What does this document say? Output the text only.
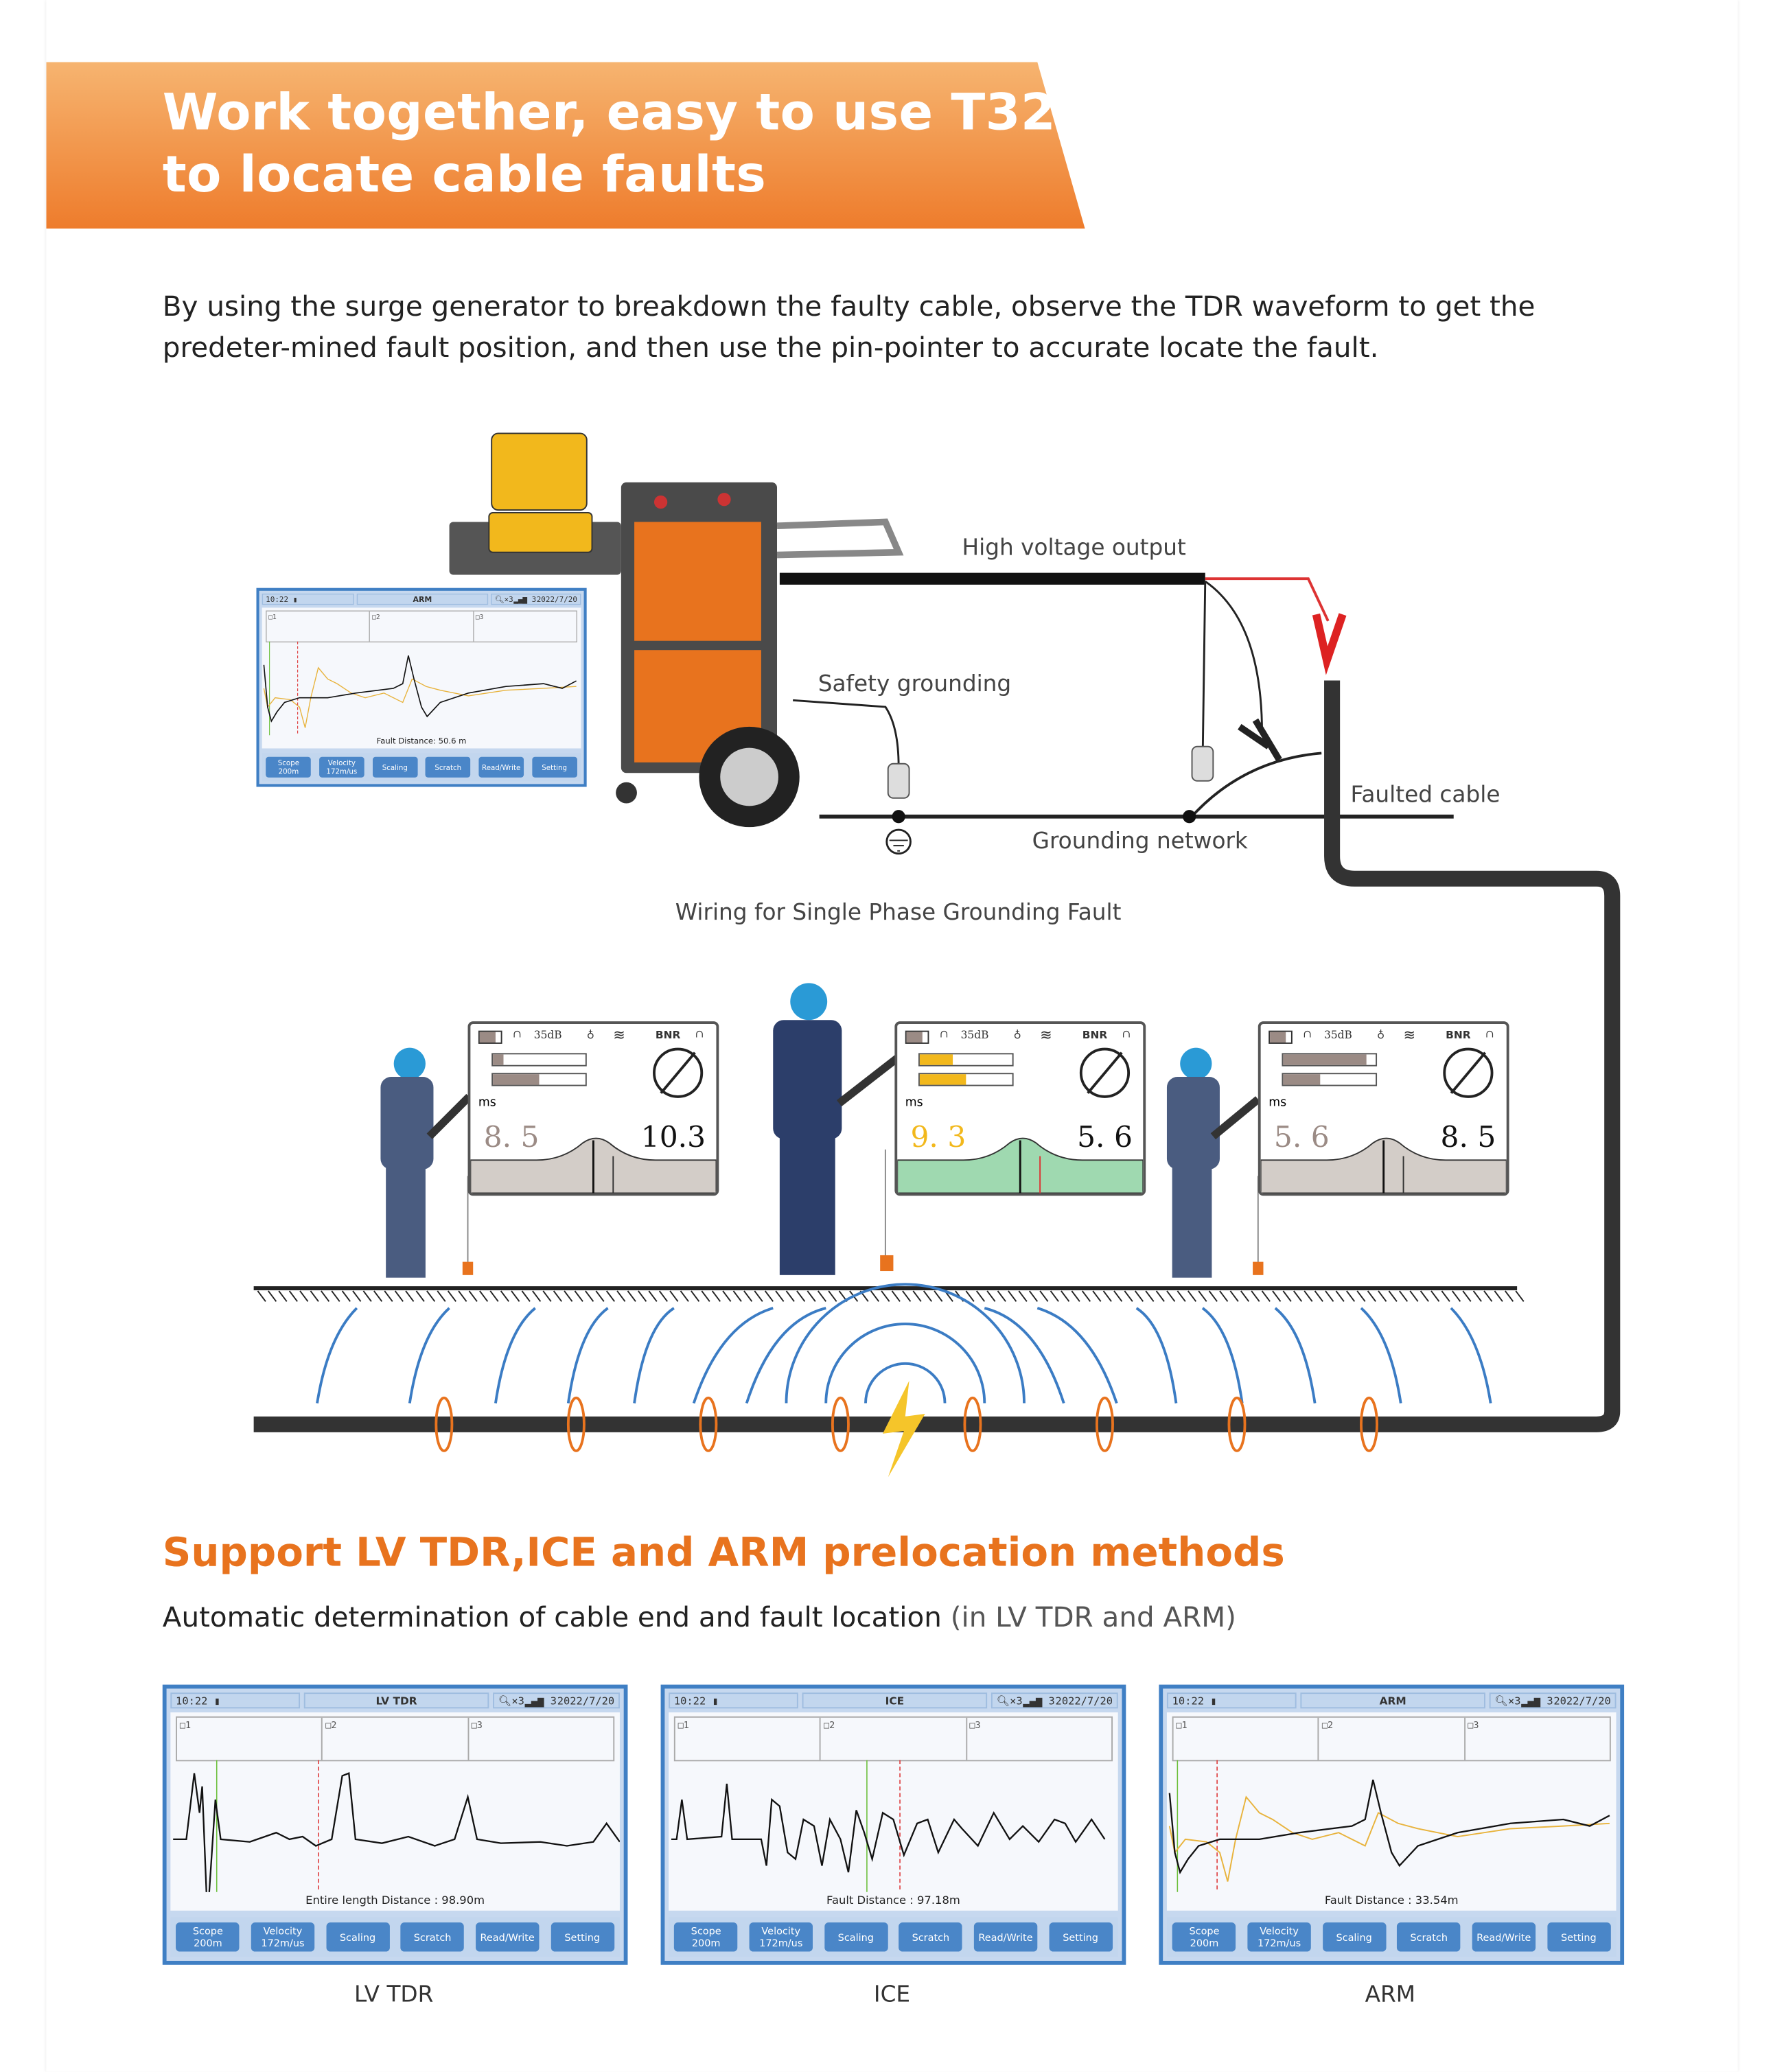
Work together, easy to use T32
to locate cable faults
By using the surge generator to breakdown the faulty cable, observe the TDR waveform to get the predeter-mined fault position, and then use the pin-pointer to accurate locate the fault.
High voltage output
Safety grounding
Faulted cable
Grounding network
Wiring for Single Phase Grounding Fault
10:22
▮	ARM	🔍︎×3 ▂▄▆ 3 2022/7/20
□1	□2	□3
Fault Distance: 50.6 m
Scope
200m
Velocity
172m/us	Scaling	Scratch	Read/Write	Setting
∩ 35dB	♁ ≋	BNR	∩
ms
8. 5	10.3
∩ 35dB	♁ ≋	BNR	∩
ms
9. 3	5. 6
∩ 35dB	♁ ≋	BNR	∩
ms
5. 6	8. 5
Support LV TDR,ICE and ARM prelocation methods
Automatic determination of cable end and fault location (in LV TDR and ARM)
10:22
▮	LV TDR	🔍︎×3 ▂▄▆ 3 2022/7/20
□1	□2	□3
Entire length Distance : 98.90m
Scope
200m
Velocity
172m/us	Scaling	Scratch	Read/Write	Setting
10:22
▮	ICE	🔍︎×3 ▂▄▆ 3 2022/7/20
□1	□2	□3
Fault Distance : 97.18m
Scope
200m
Velocity
172m/us	Scaling	Scratch	Read/Write	Setting
10:22
▮	ARM	🔍︎×3 ▂▄▆ 3 2022/7/20
□1	□2	□3
Fault Distance : 33.54m
Scope
200m
Velocity
172m/us	Scaling	Scratch	Read/Write	Setting
LV TDR	ICE	ARM
